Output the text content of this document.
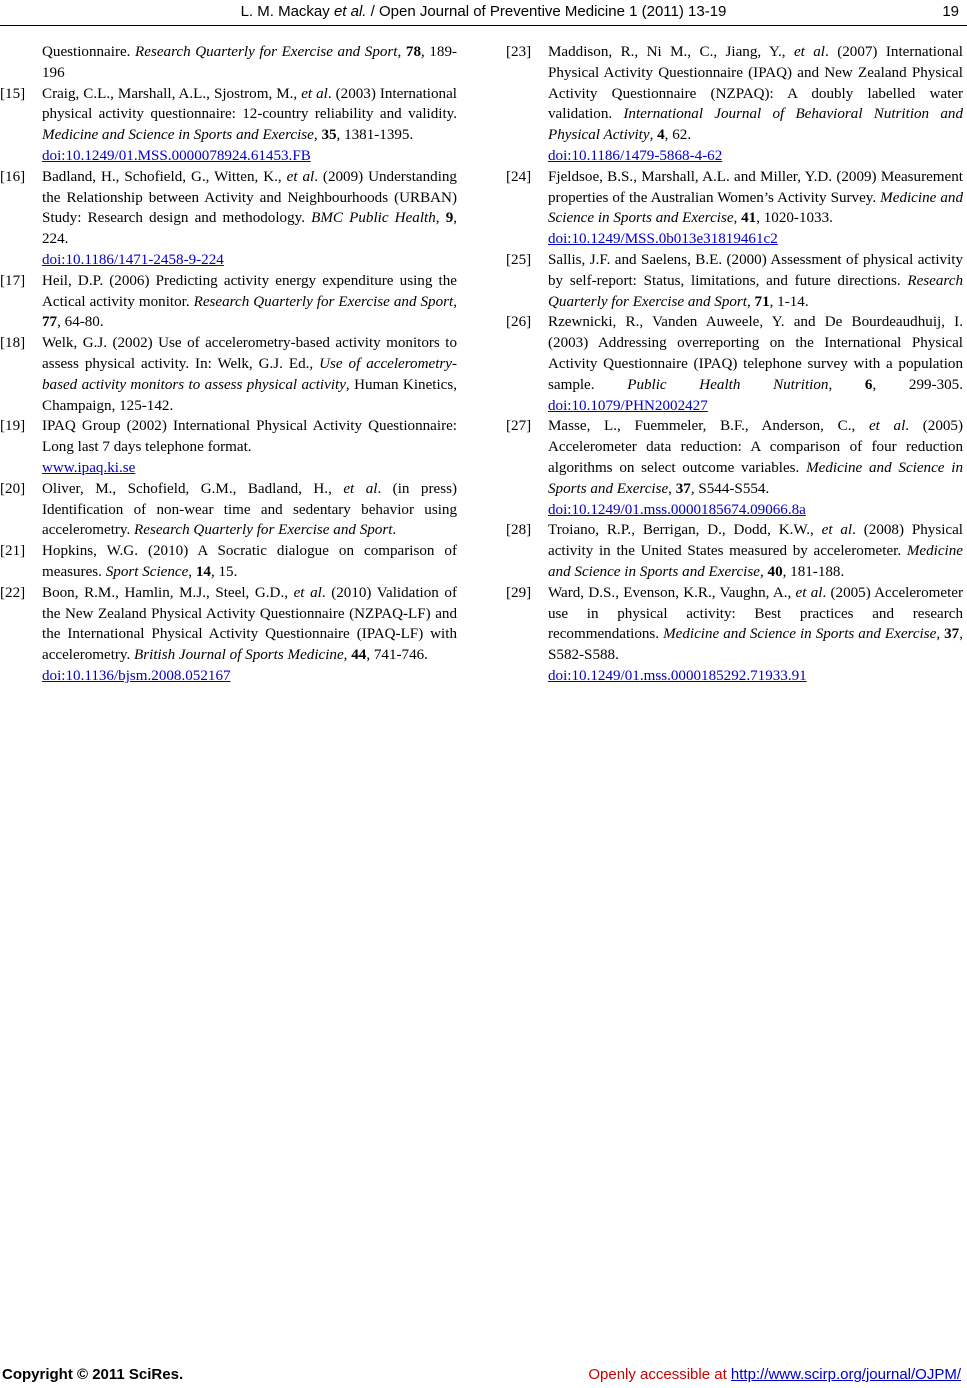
L. M. Mackay et al. / Open Journal of Preventive Medicine 1 (2011) 13-19	19
Questionnaire. Research Quarterly for Exercise and Sport, 78, 189-196
[15] Craig, C.L., Marshall, A.L., Sjostrom, M., et al. (2003) International physical activity questionnaire: 12-country reliability and validity. Medicine and Science in Sports and Exercise, 35, 1381-1395.
doi:10.1249/01.MSS.0000078924.61453.FB
[16] Badland, H., Schofield, G., Witten, K., et al. (2009) Understanding the Relationship between Activity and Neighbourhoods (URBAN) Study: Research design and methodology. BMC Public Health, 9, 224.
doi:10.1186/1471-2458-9-224
[17] Heil, D.P. (2006) Predicting activity energy expenditure using the Actical activity monitor. Research Quarterly for Exercise and Sport, 77, 64-80.
[18] Welk, G.J. (2002) Use of accelerometry-based activity monitors to assess physical activity. In: Welk, G.J. Ed., Use of accelerometry-based activity monitors to assess physical activity, Human Kinetics, Champaign, 125-142.
[19] IPAQ Group (2002) International Physical Activity Questionnaire: Long last 7 days telephone format.
www.ipaq.ki.se
[20] Oliver, M., Schofield, G.M., Badland, H., et al. (in press) Identification of non-wear time and sedentary behavior using accelerometry. Research Quarterly for Exercise and Sport.
[21] Hopkins, W.G. (2010) A Socratic dialogue on comparison of measures. Sport Science, 14, 15.
[22] Boon, R.M., Hamlin, M.J., Steel, G.D., et al. (2010) Validation of the New Zealand Physical Activity Questionnaire (NZPAQ-LF) and the International Physical Activity Questionnaire (IPAQ-LF) with accelerometry. British Journal of Sports Medicine, 44, 741-746.
doi:10.1136/bjsm.2008.052167
[23] Maddison, R., Ni M., C., Jiang, Y., et al. (2007) International Physical Activity Questionnaire (IPAQ) and New Zealand Physical Activity Questionnaire (NZPAQ): A doubly labelled water validation. International Journal of Behavioral Nutrition and Physical Activity, 4, 62.
doi:10.1186/1479-5868-4-62
[24] Fjeldsoe, B.S., Marshall, A.L. and Miller, Y.D. (2009) Measurement properties of the Australian Women’s Activity Survey. Medicine and Science in Sports and Exercise, 41, 1020-1033.
doi:10.1249/MSS.0b013e31819461c2
[25] Sallis, J.F. and Saelens, B.E. (2000) Assessment of physical activity by self-report: Status, limitations, and future directions. Research Quarterly for Exercise and Sport, 71, 1-14.
[26] Rzewnicki, R., Vanden Auweele, Y. and De Bourdeaudhuij, I. (2003) Addressing overreporting on the International Physical Activity Questionnaire (IPAQ) telephone survey with a population sample. Public Health Nutrition, 6, 299-305. doi:10.1079/PHN2002427
[27] Masse, L., Fuemmeler, B.F., Anderson, C., et al. (2005) Accelerometer data reduction: A comparison of four reduction algorithms on select outcome variables. Medicine and Science in Sports and Exercise, 37, S544-S554.
doi:10.1249/01.mss.0000185674.09066.8a
[28] Troiano, R.P., Berrigan, D., Dodd, K.W., et al. (2008) Physical activity in the United States measured by accelerometer. Medicine and Science in Sports and Exercise, 40, 181-188.
[29] Ward, D.S., Evenson, K.R., Vaughn, A., et al. (2005) Accelerometer use in physical activity: Best practices and research recommendations. Medicine and Science in Sports and Exercise, 37, S582-S588.
doi:10.1249/01.mss.0000185292.71933.91
Copyright © 2011 SciRes.	Openly accessible at http://www.scirp.org/journal/OJPM/
